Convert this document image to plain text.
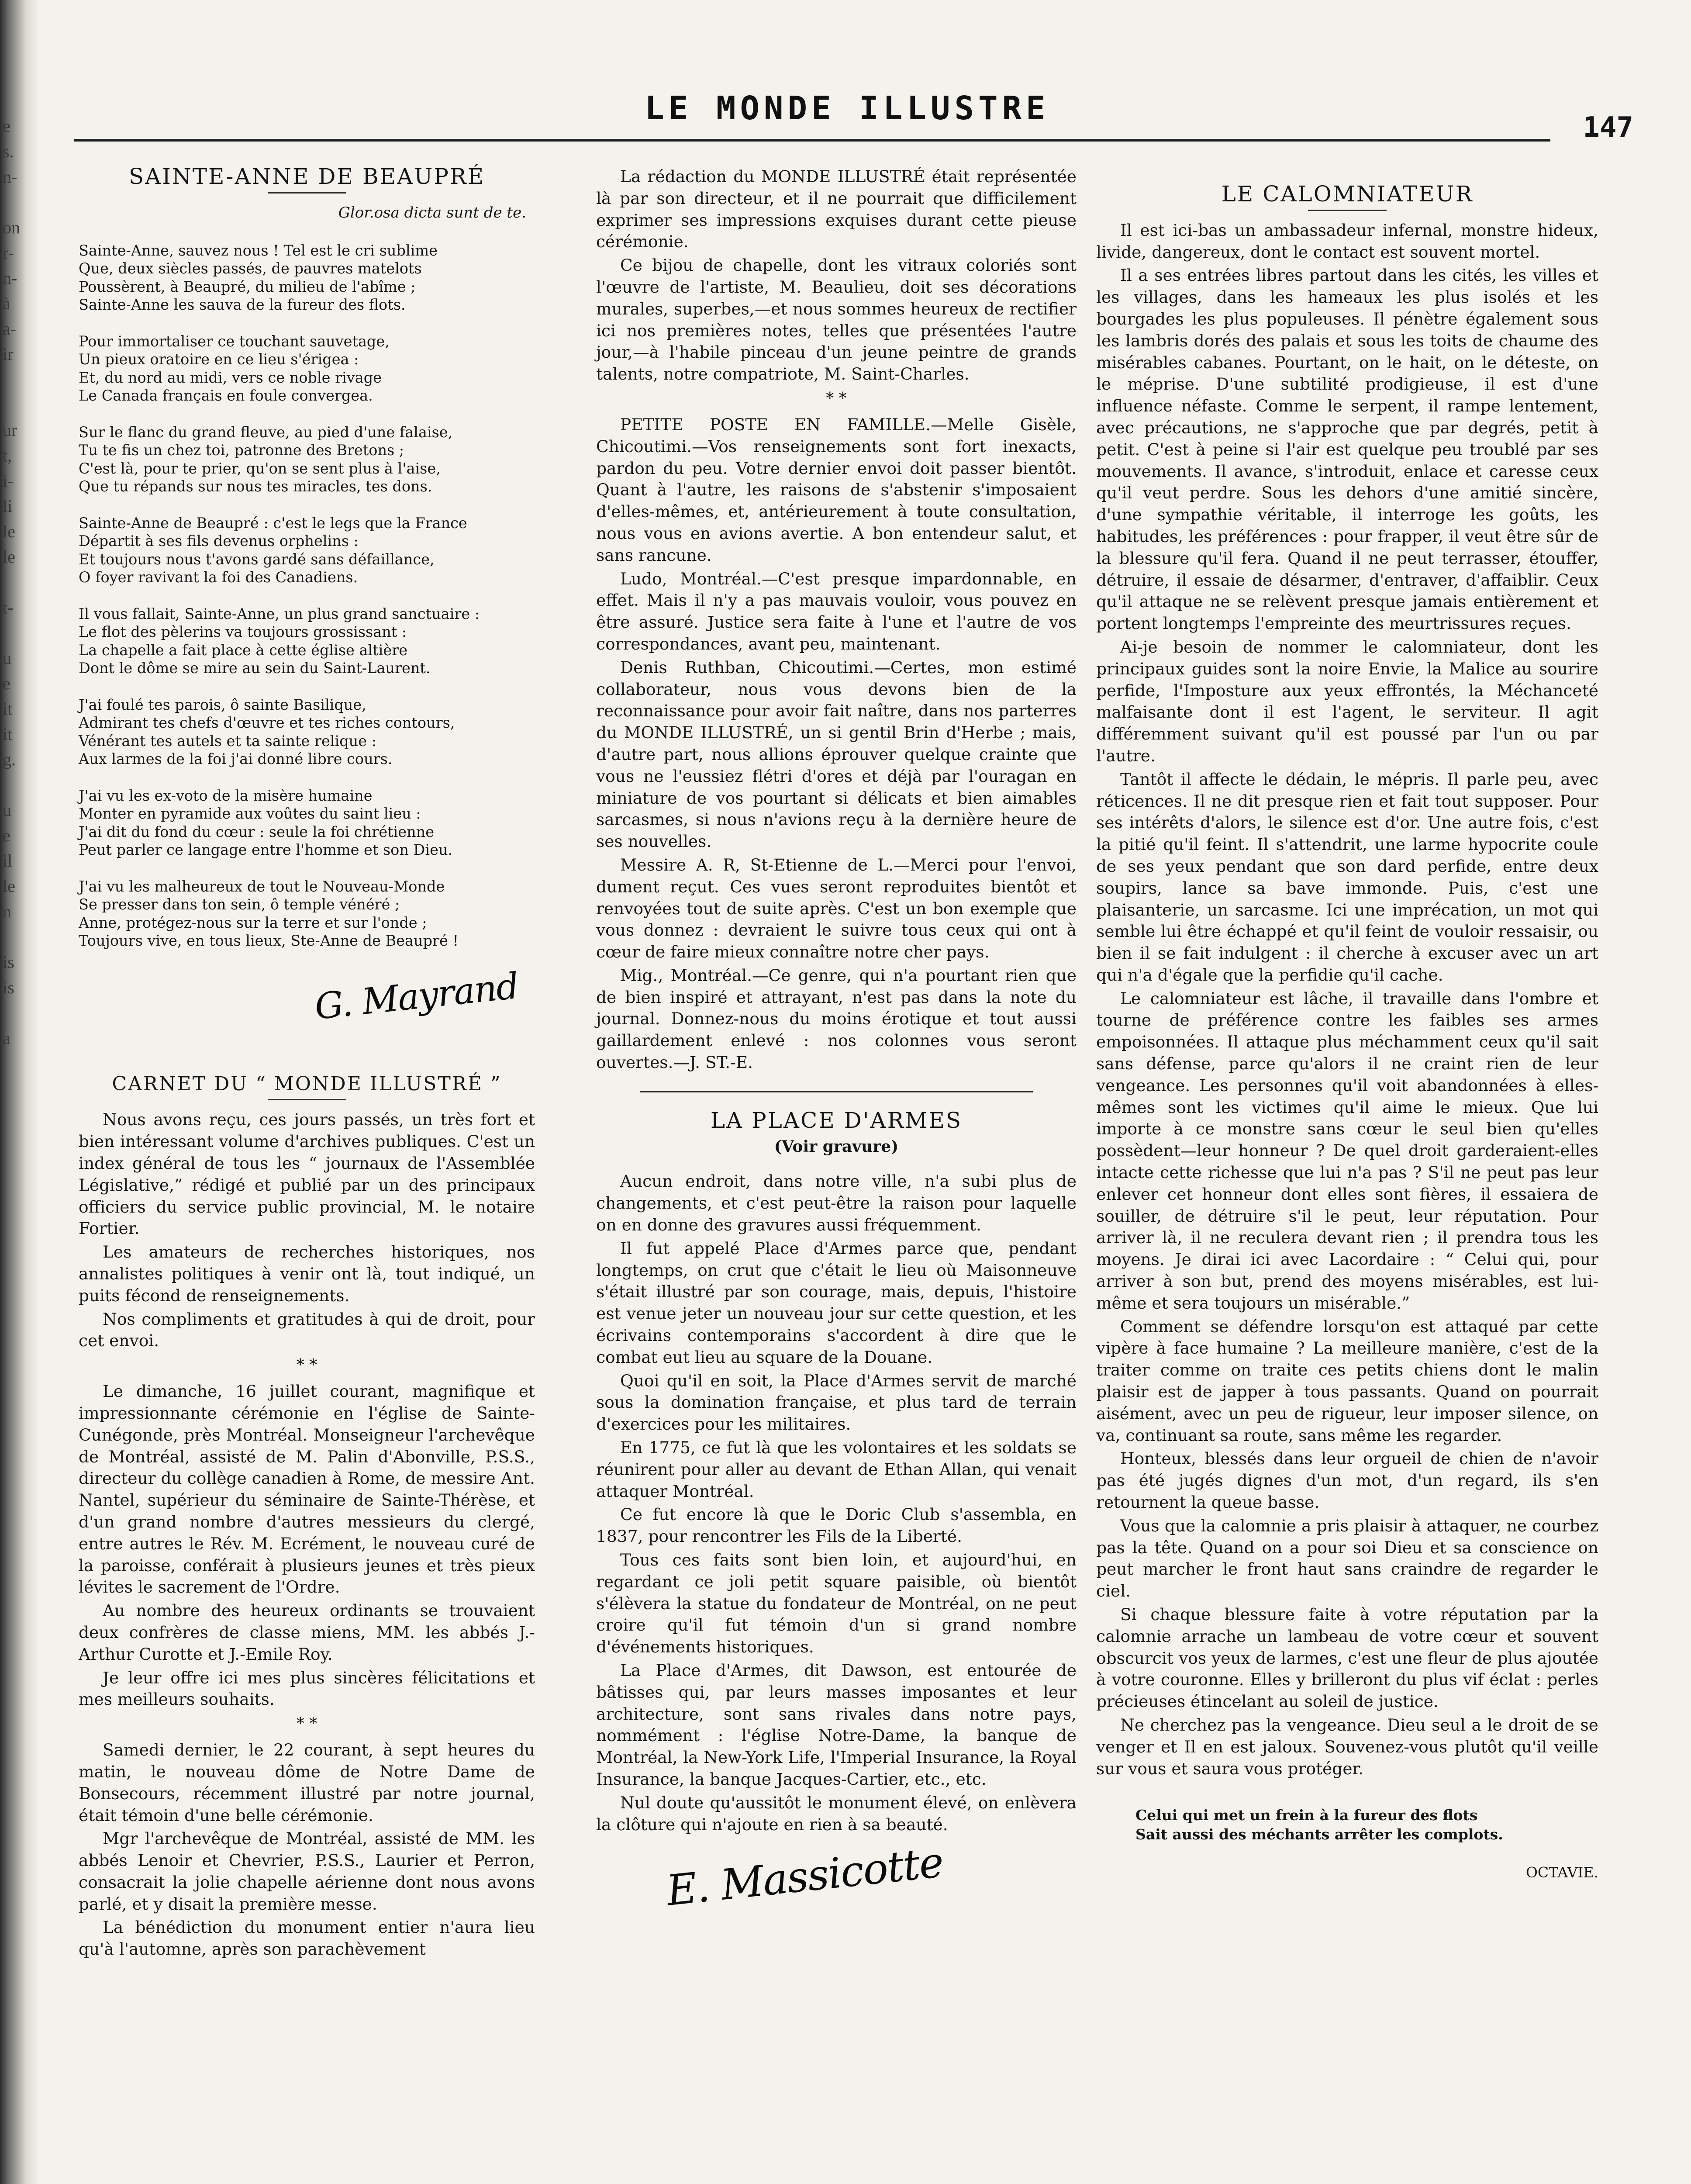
e
s.
n-

on
r-
n-
à
a-
ir

ur
t,
i-
li
le
le

t-

u
e
it
it
g.

u
e
il
le
n

is
is

a
LE MONDE ILLUSTRE
147
SAINTE-ANNE DE BEAUPRÉ
Glor.osa dicta sunt de te.

Sainte-Anne, sauvez nous ! Tel est le cri sublime

Que, deux siècles passés, de pauvres matelots

Poussèrent, à Beaupré, du milieu de l'abîme ;

Sainte-Anne les sauva de la fureur des flots.

Pour immortaliser ce touchant sauvetage,

Un pieux oratoire en ce lieu s'érigea :

Et, du nord au midi, vers ce noble rivage

Le Canada français en foule convergea.

Sur le flanc du grand fleuve, au pied d'une falaise,

Tu te fis un chez toi, patronne des Bretons ;

C'est là, pour te prier, qu'on se sent plus à l'aise,

Que tu répands sur nous tes miracles, tes dons.

Sainte-Anne de Beaupré : c'est le legs que la France

Départit à ses fils devenus orphelins :

Et toujours nous t'avons gardé sans défaillance,

O foyer ravivant la foi des Canadiens.

Il vous fallait, Sainte-Anne, un plus grand sanctuaire :

Le flot des pèlerins va toujours grossissant :

La chapelle a fait place à cette église altière

Dont le dôme se mire au sein du Saint-Laurent.

J'ai foulé tes parois, ô sainte Basilique,

Admirant tes chefs d'œuvre et tes riches contours,

Vénérant tes autels et ta sainte relique :

Aux larmes de la foi j'ai donné libre cours.

J'ai vu les ex-voto de la misère humaine

Monter en pyramide aux voûtes du saint lieu :

J'ai dit du fond du cœur : seule la foi chrétienne

Peut parler ce langage entre l'homme et son Dieu.

J'ai vu les malheureux de tout le Nouveau-Monde

Se presser dans ton sein, ô temple vénéré ;

Anne, protégez-nous sur la terre et sur l'onde ;

Toujours vive, en tous lieux, Ste-Anne de Beaupré !

G. Mayrand
CARNET DU “ MONDE ILLUSTRÉ ”

Nous avons reçu, ces jours passés, un très fort et bien intéressant volume d'archives publiques. C'est un index général de tous les “ journaux de l'Assemblée Législative,” rédigé et publié par un des principaux officiers du service public provincial, M. le notaire Fortier.

Les amateurs de recherches historiques, nos annalistes politiques à venir ont là, tout indiqué, un puits fécond de renseignements.

Nos compliments et gratitudes à qui de droit, pour cet envoi.

* *

Le dimanche, 16 juillet courant, magnifique et impressionnante cérémonie en l'église de Sainte-Cunégonde, près Montréal. Monseigneur l'archevêque de Montréal, assisté de M. Palin d'Abonville, P.S.S., directeur du collège canadien à Rome, de messire Ant. Nantel, supérieur du séminaire de Sainte-Thérèse, et d'un grand nombre d'autres messieurs du clergé, entre autres le Rév. M. Ecrément, le nouveau curé de la paroisse, conférait à plusieurs jeunes et très pieux lévites le sacrement de l'Ordre.

Au nombre des heureux ordinants se trouvaient deux confrères de classe miens, MM. les abbés J.-Arthur Curotte et J.-Emile Roy.

Je leur offre ici mes plus sincères félicitations et mes meilleurs souhaits.

* *

Samedi dernier, le 22 courant, à sept heures du matin, le nouveau dôme de Notre Dame de Bonsecours, récemment illustré par notre journal, était témoin d'une belle cérémonie.

Mgr l'archevêque de Montréal, assisté de MM. les abbés Lenoir et Chevrier, P.S.S., Laurier et Perron, consacrait la jolie chapelle aérienne dont nous avons parlé, et y disait la première messe.

La bénédiction du monument entier n'aura lieu qu'à l'automne, après son parachèvement

La rédaction du MONDE ILLUSTRÉ était représentée là par son directeur, et il ne pourrait que difficilement exprimer ses impressions exquises durant cette pieuse cérémonie.

Ce bijou de chapelle, dont les vitraux coloriés sont l'œuvre de l'artiste, M. Beaulieu, doit ses décorations murales, superbes,—et nous sommes heureux de rectifier ici nos premières notes, telles que présentées l'autre jour,—à l'habile pinceau d'un jeune peintre de grands talents, notre compatriote, M. Saint-Charles.

* *

PETITE POSTE EN FAMILLE.—Melle Gisèle, Chicoutimi.—Vos renseignements sont fort inexacts, pardon du peu. Votre dernier envoi doit passer bientôt. Quant à l'autre, les raisons de s'abstenir s'imposaient d'elles-mêmes, et, antérieurement à toute consultation, nous vous en avions avertie. A bon entendeur salut, et sans rancune.

Ludo, Montréal.—C'est presque impardonnable, en effet. Mais il n'y a pas mauvais vouloir, vous pouvez en être assuré. Justice sera faite à l'une et l'autre de vos correspondances, avant peu, maintenant.

Denis Ruthban, Chicoutimi.—Certes, mon estimé collaborateur, nous vous devons bien de la reconnaissance pour avoir fait naître, dans nos parterres du MONDE ILLUSTRÉ, un si gentil Brin d'Herbe ; mais, d'autre part, nous allions éprouver quelque crainte que vous ne l'eussiez flétri d'ores et déjà par l'ouragan en miniature de vos pourtant si délicats et bien aimables sarcasmes, si nous n'avions reçu à la dernière heure de ses nouvelles.

Messire A. R, St-Etienne de L.—Merci pour l'envoi, dument reçut. Ces vues seront reproduites bientôt et renvoyées tout de suite après. C'est un bon exemple que vous donnez : devraient le suivre tous ceux qui ont à cœur de faire mieux connaître notre cher pays.

Mig., Montréal.—Ce genre, qui n'a pourtant rien que de bien inspiré et attrayant, n'est pas dans la note du journal. Donnez-nous du moins érotique et tout aussi gaillardement enlevé : nos colonnes vous seront ouvertes.—J. ST.-E.

LA PLACE D'ARMES
(Voir gravure)

Aucun endroit, dans notre ville, n'a subi plus de changements, et c'est peut-être la raison pour laquelle on en donne des gravures aussi fréquemment.

Il fut appelé Place d'Armes parce que, pendant longtemps, on crut que c'était le lieu où Maisonneuve s'était illustré par son courage, mais, depuis, l'histoire est venue jeter un nouveau jour sur cette question, et les écrivains contemporains s'accordent à dire que le combat eut lieu au square de la Douane.

Quoi qu'il en soit, la Place d'Armes servit de marché sous la domination française, et plus tard de terrain d'exercices pour les militaires.

En 1775, ce fut là que les volontaires et les soldats se réunirent pour aller au devant de Ethan Allan, qui venait attaquer Montréal.

Ce fut encore là que le Doric Club s'assembla, en 1837, pour rencontrer les Fils de la Liberté.

Tous ces faits sont bien loin, et aujourd'hui, en regardant ce joli petit square paisible, où bientôt s'élèvera la statue du fondateur de Montréal, on ne peut croire qu'il fut témoin d'un si grand nombre d'événements historiques.

La Place d'Armes, dit Dawson, est entourée de bâtisses qui, par leurs masses imposantes et leur architecture, sont sans rivales dans notre pays, nommément : l'église Notre-Dame, la banque de Montréal, la New-York Life, l'Imperial Insurance, la Royal Insurance, la banque Jacques-Cartier, etc., etc.

Nul doute qu'aussitôt le monument élevé, on enlèvera la clôture qui n'ajoute en rien à sa beauté.

E. Massicotte
LE CALOMNIATEUR

Il est ici-bas un ambassadeur infernal, monstre hideux, livide, dangereux, dont le contact est souvent mortel.

Il a ses entrées libres partout dans les cités, les villes et les villages, dans les hameaux les plus isolés et les bourgades les plus populeuses. Il pénètre également sous les lambris dorés des palais et sous les toits de chaume des misérables cabanes. Pourtant, on le hait, on le déteste, on le méprise. D'une subtilité prodigieuse, il est d'une influence néfaste. Comme le serpent, il rampe lentement, avec précautions, ne s'approche que par degrés, petit à petit. C'est à peine si l'air est quelque peu troublé par ses mouvements. Il avance, s'introduit, enlace et caresse ceux qu'il veut perdre. Sous les dehors d'une amitié sincère, d'une sympathie véritable, il interroge les goûts, les habitudes, les préférences : pour frapper, il veut être sûr de la blessure qu'il fera. Quand il ne peut terrasser, étouffer, détruire, il essaie de désarmer, d'entraver, d'affaiblir. Ceux qu'il attaque ne se relèvent presque jamais entièrement et portent longtemps l'empreinte des meurtrissures reçues.

Ai-je besoin de nommer le calomniateur, dont les principaux guides sont la noire Envie, la Malice au sourire perfide, l'Imposture aux yeux effrontés, la Méchanceté malfaisante dont il est l'agent, le serviteur. Il agit différemment suivant qu'il est poussé par l'un ou par l'autre.

Tantôt il affecte le dédain, le mépris. Il parle peu, avec réticences. Il ne dit presque rien et fait tout supposer. Pour ses intérêts d'alors, le silence est d'or. Une autre fois, c'est la pitié qu'il feint. Il s'attendrit, une larme hypocrite coule de ses yeux pendant que son dard perfide, entre deux soupirs, lance sa bave immonde. Puis, c'est une plaisanterie, un sarcasme. Ici une imprécation, un mot qui semble lui être échappé et qu'il feint de vouloir ressaisir, ou bien il se fait indulgent : il cherche à excuser avec un art qui n'a d'égale que la perfidie qu'il cache.

Le calomniateur est lâche, il travaille dans l'ombre et tourne de préférence contre les faibles ses armes empoisonnées. Il attaque plus méchamment ceux qu'il sait sans défense, parce qu'alors il ne craint rien de leur vengeance. Les personnes qu'il voit abandonnées à elles-mêmes sont les victimes qu'il aime le mieux. Que lui importe à ce monstre sans cœur le seul bien qu'elles possèdent—leur honneur ? De quel droit garderaient-elles intacte cette richesse que lui n'a pas ? S'il ne peut pas leur enlever cet honneur dont elles sont fières, il essaiera de souiller, de détruire s'il le peut, leur réputation. Pour arriver là, il ne reculera devant rien ; il prendra tous les moyens. Je dirai ici avec Lacordaire : “ Celui qui, pour arriver à son but, prend des moyens misérables, est lui-même et sera toujours un misérable.”

Comment se défendre lorsqu'on est attaqué par cette vipère à face humaine ? La meilleure manière, c'est de la traiter comme on traite ces petits chiens dont le malin plaisir est de japper à tous passants. Quand on pourrait aisément, avec un peu de rigueur, leur imposer silence, on va, continuant sa route, sans même les regarder.

Honteux, blessés dans leur orgueil de chien de n'avoir pas été jugés dignes d'un mot, d'un regard, ils s'en retournent la queue basse.

Vous que la calomnie a pris plaisir à attaquer, ne courbez pas la tête. Quand on a pour soi Dieu et sa conscience on peut marcher le front haut sans craindre de regarder le ciel.

Si chaque blessure faite à votre réputation par la calomnie arrache un lambeau de votre cœur et souvent obscurcit vos yeux de larmes, c'est une fleur de plus ajoutée à votre couronne. Elles y brilleront du plus vif éclat : perles précieuses étincelant au soleil de justice.

Ne cherchez pas la vengeance. Dieu seul a le droit de se venger et Il en est jaloux. Souvenez-vous plutôt qu'il veille sur vous et saura vous protéger.

Celui qui met un frein à la fureur des flots

Sait aussi des méchants arrêter les complots.

OCTAVIE.
